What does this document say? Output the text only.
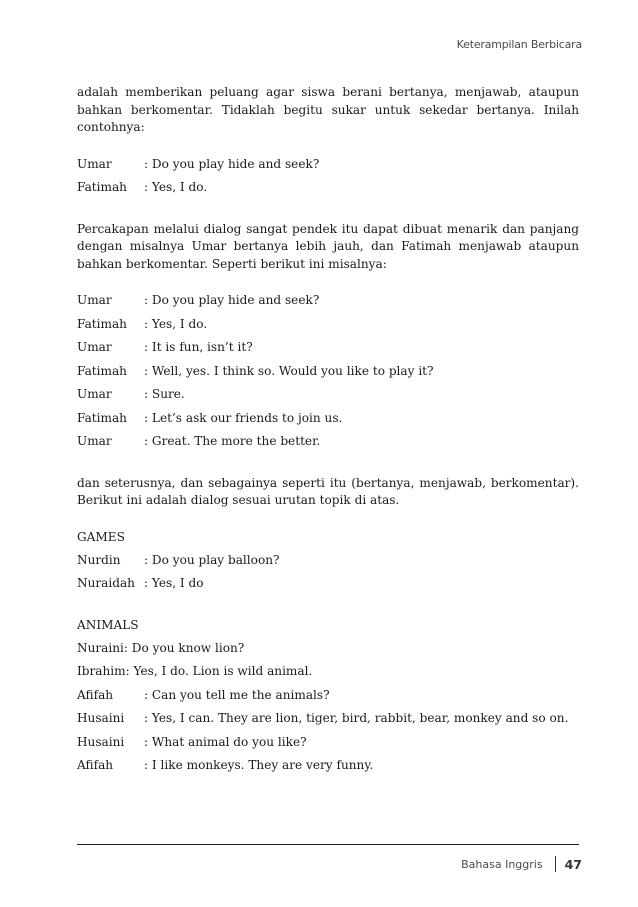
Keterampilan Berbicara

adalah memberikan peluang agar siswa berani bertanya, menjawab, ataupun bahkan berkomentar. Tidaklah begitu sukar untuk sekedar bertanya. Inilah contohnya:

Umar	: Do you play hide and seek?
Fatimah	: Yes, I do.

Percakapan melalui dialog sangat pendek itu dapat dibuat menarik dan panjang dengan misalnya Umar bertanya lebih jauh, dan Fatimah menjawab ataupun bahkan berkomentar. Seperti berikut ini misalnya:

Umar	: Do you play hide and seek?
Fatimah	: Yes, I do.
Umar	: It is fun, isn’t it?
Fatimah	: Well, yes. I think so. Would you like to play it?
Umar	: Sure.
Fatimah	: Let’s ask our friends to join us.
Umar	: Great. The more the better.

dan seterusnya, dan sebagainya seperti itu (bertanya, menjawab, berkomentar). Berikut ini adalah dialog sesuai urutan topik di atas.

GAMES
Nurdin	: Do you play balloon?
Nuraidah : Yes, I do
ANIMALS
Nuraini : Do you know lion?
Ibrahim : Yes, I do. Lion is wild animal.
Afifah	: Can you tell me the animals?
Husaini	: Yes, I can. They are lion, tiger, bird, rabbit, bear, monkey and so on.
Husaini	: What animal do you like?
Afifah	: I like monkeys. They are very funny.
Bahasa Inggris 47
